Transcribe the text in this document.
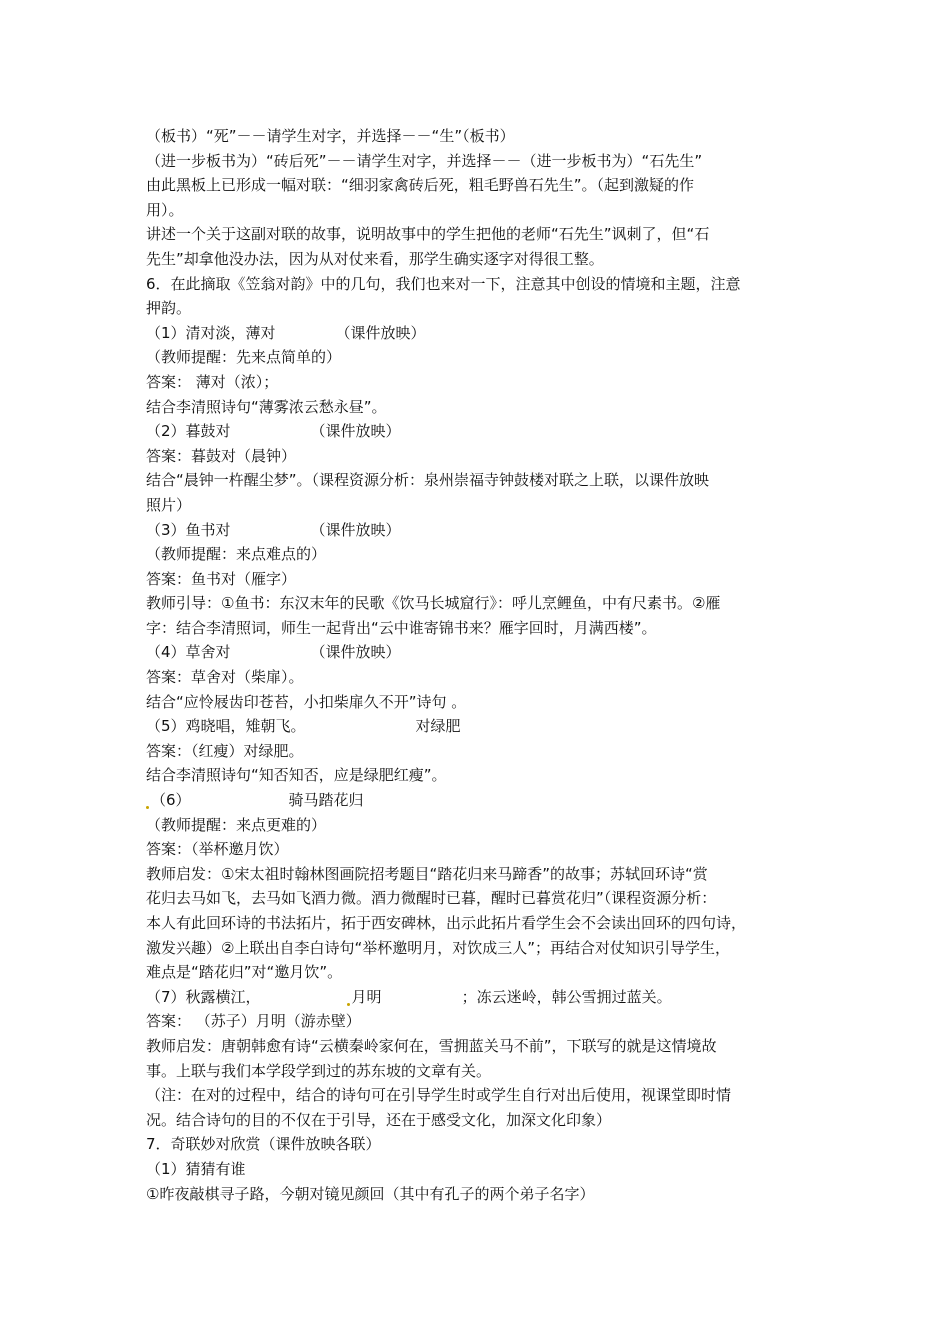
（板书）“死”－－请学生对字，并选择－－“生”（板书）
（进一步板书为）“砖后死”－－请学生对字，并选择－－（进一步板书为）“石先生”
由此黑板上已形成一幅对联：“细羽家禽砖后死，粗毛野兽石先生”。（起到激疑的作
用）。
讲述一个关于这副对联的故事，说明故事中的学生把他的老师“石先生”讽刺了，但“石
先生”却拿他没办法，因为从对仗来看，那学生确实逐字对得很工整。
6．在此摘取《笠翁对韵》中的几句，我们也来对一下，注意其中创设的情境和主题，注意
押韵。
（1）清对淡，薄对	（课件放映）
（教师提醒：先来点简单的）
答案： 薄对（浓）；
结合李清照诗句“薄雾浓云愁永昼”。
（2）暮鼓对	（课件放映）
答案：暮鼓对（晨钟）
结合“晨钟一杵醒尘梦”。（课程资源分析：泉州崇福寺钟鼓楼对联之上联，以课件放映
照片）
（3）鱼书对	（课件放映）
（教师提醒：来点难点的）
答案：鱼书对（雁字）
教师引导：①鱼书：东汉末年的民歌《饮马长城窟行》：呼儿烹鲤鱼，中有尺素书。②雁
字：结合李清照词，师生一起背出“云中谁寄锦书来？雁字回时，月满西楼”。
（4）草舍对	（课件放映）
答案：草舍对（柴扉）。
结合“应怜屐齿印苍苔，小扣柴扉久不开”诗句 。
（5）鸡晓唱，雉朝飞。	对绿肥
答案：（红瘦）对绿肥。
结合李清照诗句“知否知否，应是绿肥红瘦”。
（6）	骑马踏花归
（教师提醒：来点更难的）
答案：（举杯邀月饮）
教师启发：①宋太祖时翰林图画院招考题目“踏花归来马蹄香”的故事；苏轼回环诗“赏
花归去马如飞，去马如飞酒力微。酒力微醒时已暮，醒时已暮赏花归”（课程资源分析：
本人有此回环诗的书法拓片，拓于西安碑林，出示此拓片看学生会不会读出回环的四句诗，
激发兴趣）②上联出自李白诗句“举杯邀明月，对饮成三人”；再结合对仗知识引导学生，
难点是“踏花归”对“邀月饮”。
（7）秋露横江，	月明	；冻云迷岭，韩公雪拥过蓝关。
答案： （苏子）月明（游赤壁）
教师启发：唐朝韩愈有诗“云横秦岭家何在，雪拥蓝关马不前”，下联写的就是这情境故
事。上联与我们本学段学到过的苏东坡的文章有关。
（注：在对的过程中，结合的诗句可在引导学生时或学生自行对出后使用，视课堂即时情
况。结合诗句的目的不仅在于引导，还在于感受文化，加深文化印象）
7．奇联妙对欣赏（课件放映各联）
（1）猜猜有谁
①昨夜敲棋寻子路，今朝对镜见颜回（其中有孔子的两个弟子名字）
